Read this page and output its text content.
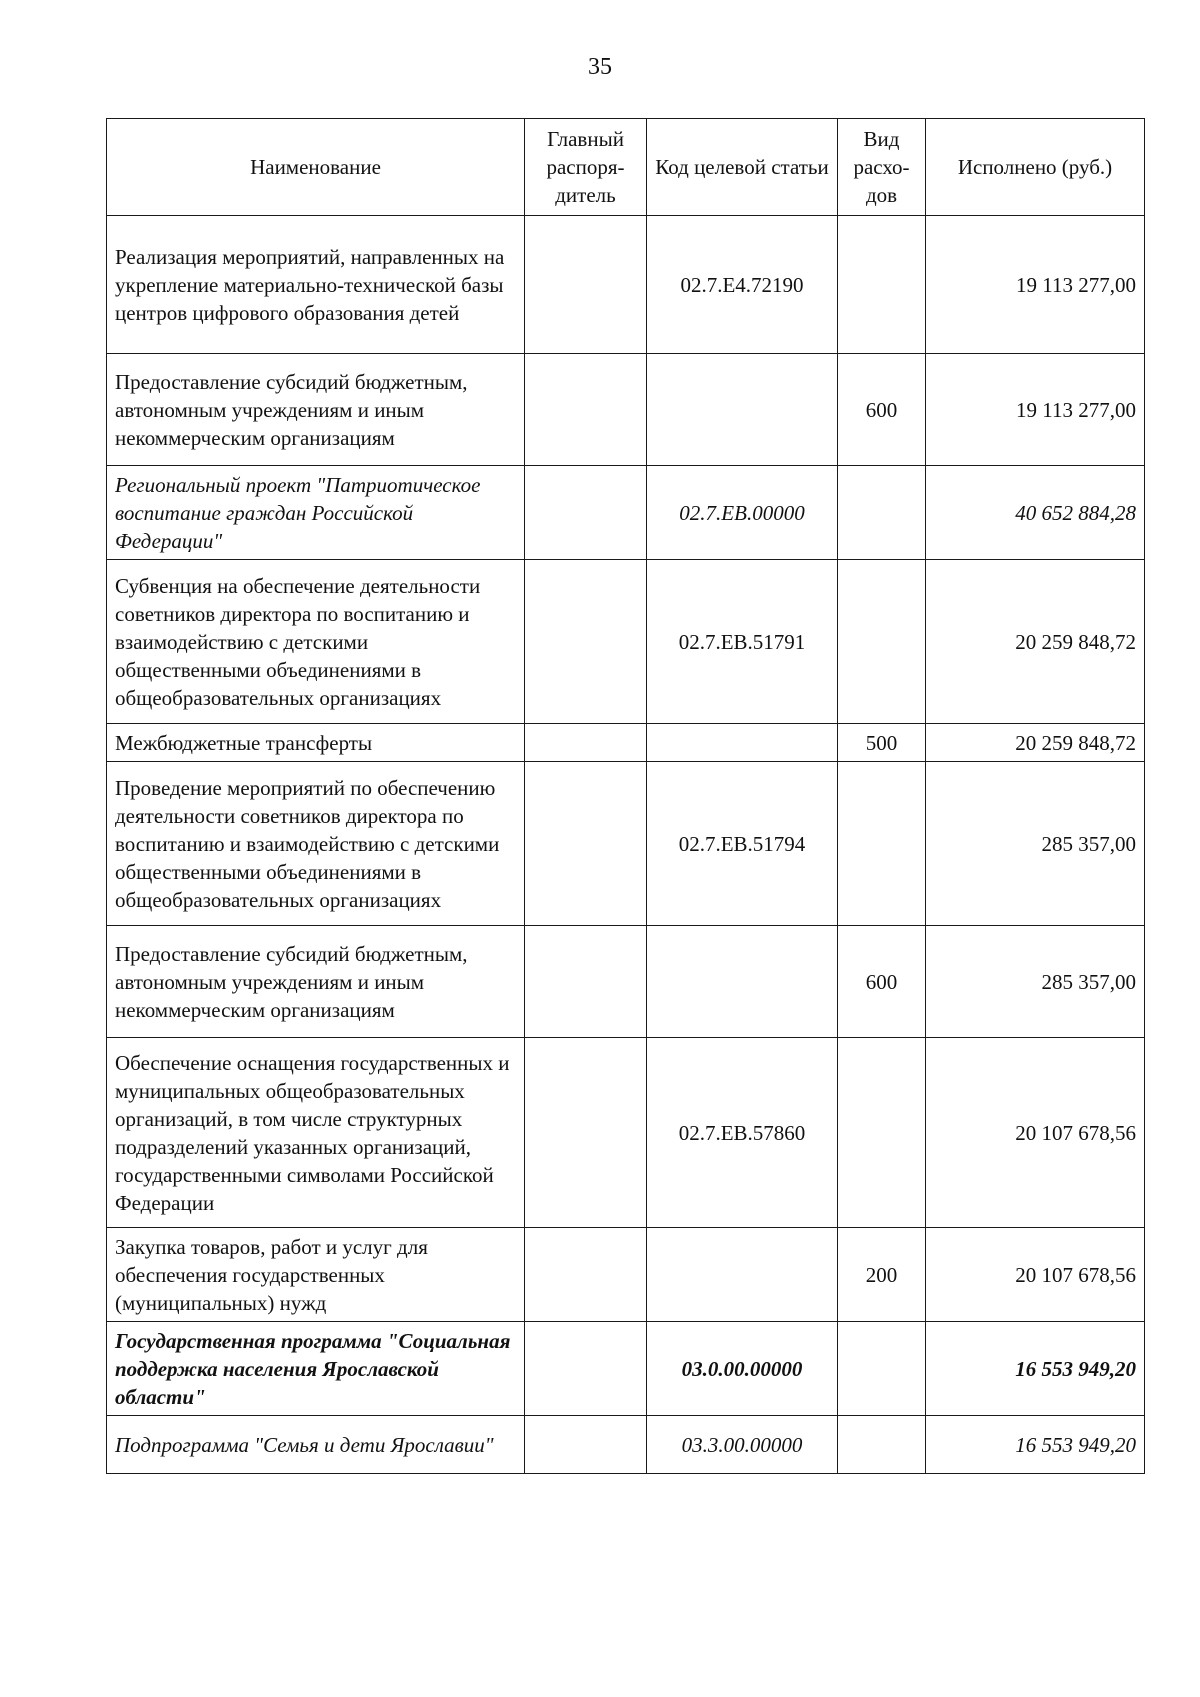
35
Наименование	Главный распоря-дитель	Код целевой статьи	Вид расхо-дов	Исполнено (руб.)
Реализация мероприятий, направленных на укрепление материально-технической базы центров цифрового образования детей		02.7.E4.72190		19 113 277,00
Предоставление субсидий бюджетным, автономным учреждениям и иным некоммерческим организациям			600	19 113 277,00
Региональный проект "Патриотическое воспитание граждан Российской Федерации"		02.7.EB.00000		40 652 884,28
Субвенция на обеспечение деятельности советников директора по воспитанию и взаимодействию с детскими общественными объединениями в общеобразовательных организациях		02.7.EB.51791		20 259 848,72
Межбюджетные трансферты			500	20 259 848,72
Проведение мероприятий по обеспечению деятельности советников директора по воспитанию и взаимодействию с детскими общественными объединениями в общеобразовательных организациях		02.7.EB.51794		285 357,00
Предоставление субсидий бюджетным, автономным учреждениям и иным некоммерческим организациям			600	285 357,00
Обеспечение оснащения государственных и муниципальных общеобразовательных организаций, в том числе структурных подразделений указанных организаций, государственными символами Российской Федерации		02.7.EB.57860		20 107 678,56
Закупка товаров, работ и услуг для обеспечения государственных (муниципальных) нужд			200	20 107 678,56
Государственная программа "Социальная поддержка населения Ярославской области"		03.0.00.00000		16 553 949,20
Подпрограмма "Семья и дети Ярославии"		03.3.00.00000		16 553 949,20
